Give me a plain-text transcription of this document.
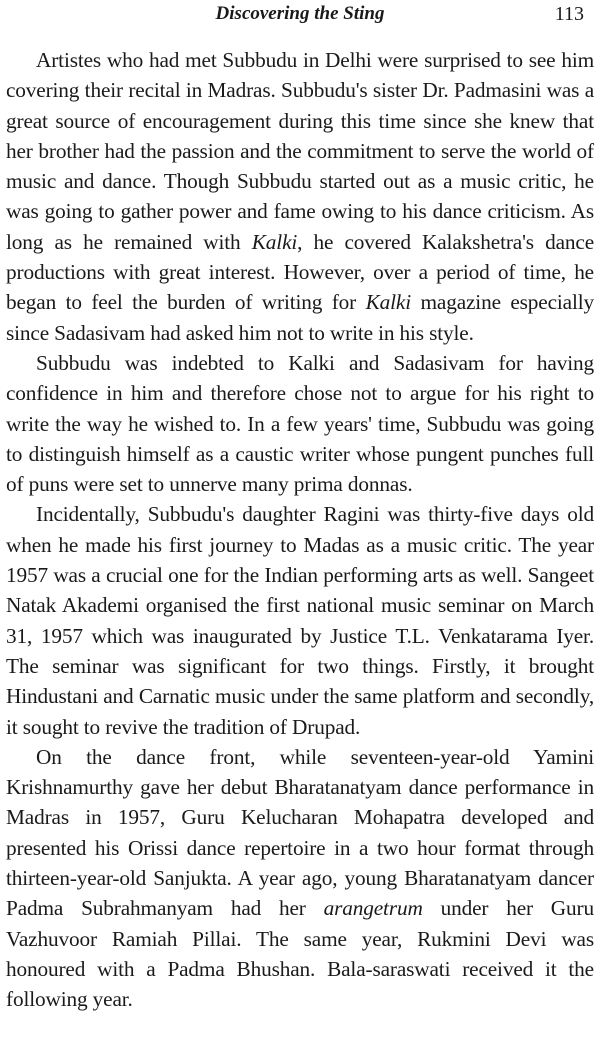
Discovering the Sting	113

Artistes who had met Subbudu in Delhi were surprised to see him covering their recital in Madras. Subbudu's sister Dr. Padmasini was a great source of encouragement during this time since she knew that her brother had the passion and the commitment to serve the world of music and dance. Though Subbudu started out as a music critic, he was going to gather power and fame owing to his dance criticism. As long as he remained with Kalki, he covered Kalakshetra's dance productions with great interest. However, over a period of time, he began to feel the burden of writing for Kalki magazine especially since Sadasivam had asked him not to write in his style.

Subbudu was indebted to Kalki and Sadasivam for having confidence in him and therefore chose not to argue for his right to write the way he wished to. In a few years' time, Subbudu was going to distinguish himself as a caustic writer whose pungent punches full of puns were set to unnerve many prima donnas.

Incidentally, Subbudu's daughter Ragini was thirty-five days old when he made his first journey to Madas as a music critic. The year 1957 was a crucial one for the Indian performing arts as well. Sangeet Natak Akademi organised the first national music seminar on March 31, 1957 which was inaugurated by Justice T.L. Venkatarama Iyer. The seminar was significant for two things. Firstly, it brought Hindustani and Carnatic music under the same platform and secondly, it sought to revive the tradition of Drupad.

On the dance front, while seventeen-year-old Yamini Krishnamurthy gave her debut Bharatanatyam dance performance in Madras in 1957, Guru Kelucharan Mohapatra developed and presented his Orissi dance repertoire in a two hour format through thirteen-year-old Sanjukta. A year ago, young Bharatanatyam dancer Padma Subrahmanyam had her arangetrum under her Guru Vazhuvoor Ramiah Pillai. The same year, Rukmini Devi was honoured with a Padma Bhushan. Bala-saraswati received it the following year.
